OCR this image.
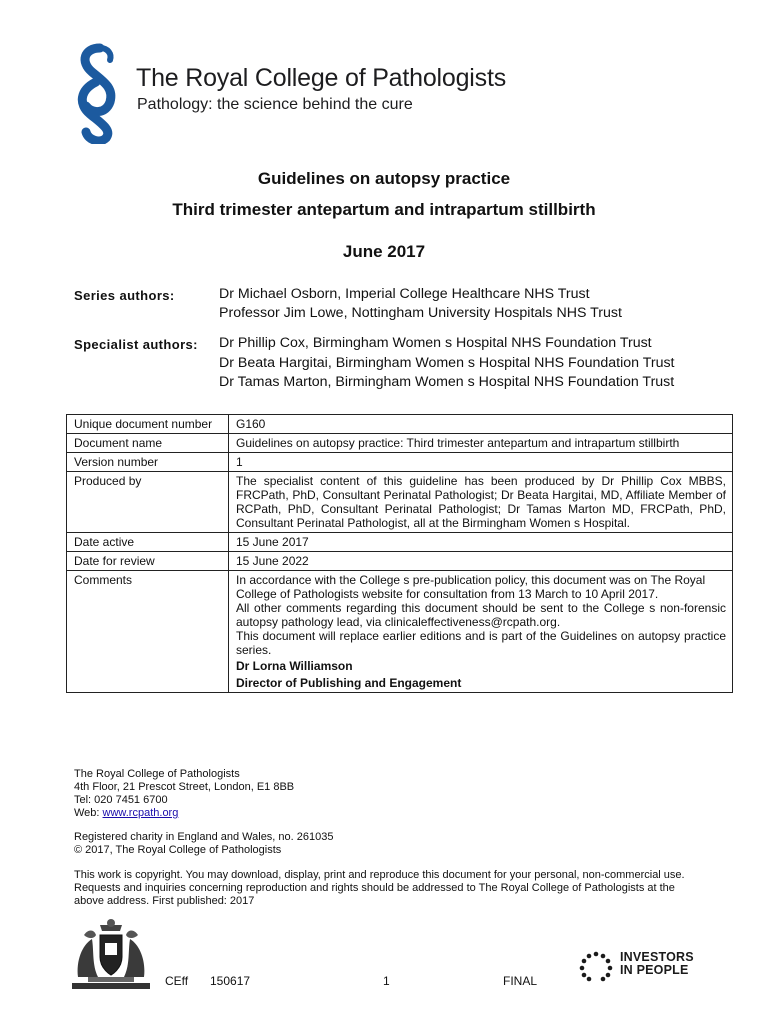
The Royal College of Pathologists
Pathology: the science behind the cure
Guidelines on autopsy practice
Third trimester antepartum and intrapartum stillbirth
June 2017
Series authors:	Dr Michael Osborn, Imperial College Healthcare NHS Trust
Professor Jim Lowe, Nottingham University Hospitals NHS Trust
Specialist authors: Dr Phillip Cox, Birmingham Women s Hospital NHS Foundation Trust
Dr Beata Hargitai, Birmingham Women s Hospital NHS Foundation Trust
Dr Tamas Marton, Birmingham Women s Hospital NHS Foundation Trust
Unique document number	G160
Document name	Guidelines on autopsy practice: Third trimester antepartum and intrapartum stillbirth
Version number	1
Produced by	The specialist content of this guideline has been produced by Dr Phillip Cox MBBS, FRCPath, PhD, Consultant Perinatal Pathologist; Dr Beata Hargitai, MD, Affiliate Member of RCPath, PhD, Consultant Perinatal Pathologist; Dr Tamas Marton MD, FRCPath, PhD, Consultant Perinatal Pathologist, all at the Birmingham Women s Hospital.
Date active	15 June 2017
Date for review	15 June 2022
Comments	In accordance with the College s pre-publication policy, this document was on The Royal College of Pathologists website for consultation from 13 March to 10 April 2017.

All other comments regarding this document should be sent to the College s non-forensic autopsy pathology lead, via clinicaleffectiveness@rcpath.org.

This document will replace earlier editions and is part of the Guidelines on autopsy practice series.

Dr Lorna Williamson

Director of Publishing and Engagement

The Royal College of Pathologists
4th Floor, 21 Prescot Street, London, E1 8BB
Tel: 020 7451 6700
Web: www.rcpath.org
Registered charity in England and Wales, no. 261035
© 2017, The Royal College of Pathologists
This work is copyright. You may download, display, print and reproduce this document for your personal, non-commercial use. Requests and inquiries concerning reproduction and rights should be addressed to The Royal College of Pathologists at the above address. First published: 2017
CEff 150617	1	FINAL
INVESTORS
IN PEOPLE
